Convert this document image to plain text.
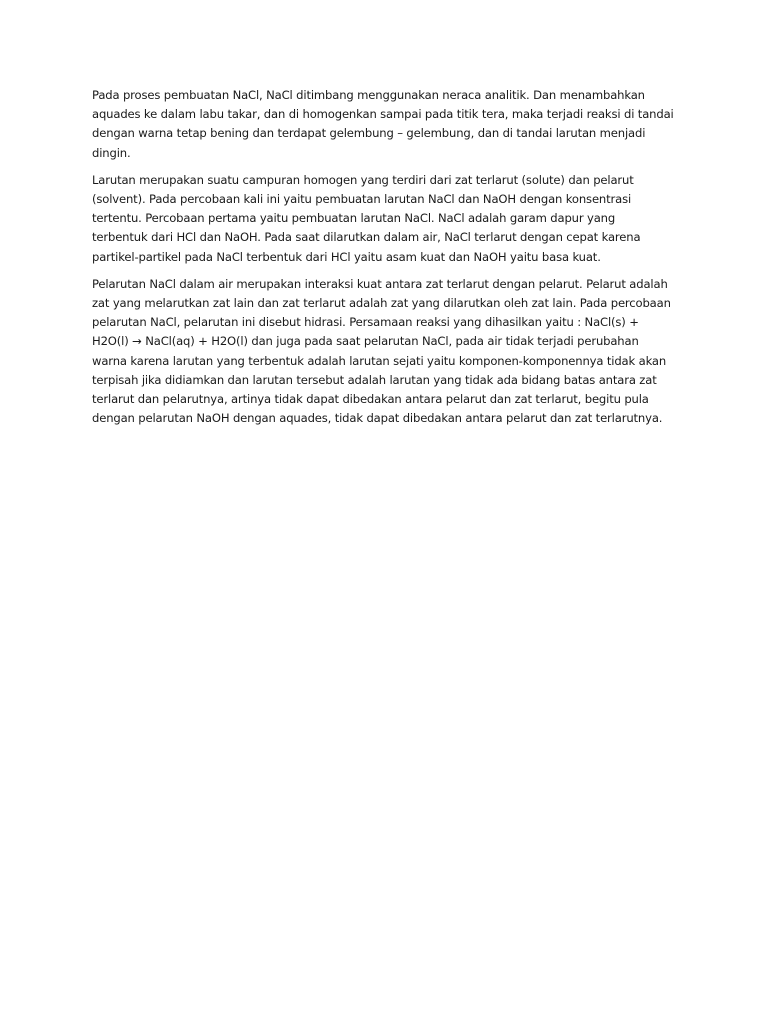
Pada proses pembuatan NaCl, NaCl ditimbang menggunakan neraca analitik. Dan menambahkan aquades ke dalam labu takar, dan di homogenkan sampai pada titik tera, maka terjadi reaksi di tandai dengan warna tetap bening dan terdapat gelembung – gelembung, dan di tandai larutan menjadi dingin.

Larutan merupakan suatu campuran homogen yang terdiri dari zat terlarut (solute) dan pelarut (solvent). Pada percobaan kali ini yaitu pembuatan larutan NaCl dan NaOH dengan konsentrasi tertentu. Percobaan pertama yaitu pembuatan larutan NaCl. NaCl adalah garam dapur yang terbentuk dari HCl dan NaOH. Pada saat dilarutkan dalam air, NaCl terlarut dengan cepat karena partikel-partikel pada NaCl terbentuk dari HCl yaitu asam kuat dan NaOH yaitu basa kuat.

Pelarutan NaCl dalam air merupakan interaksi kuat antara zat terlarut dengan pelarut. Pelarut adalah zat yang melarutkan zat lain dan zat terlarut adalah zat yang dilarutkan oleh zat lain. Pada percobaan pelarutan NaCl, pelarutan ini disebut hidrasi. Persamaan reaksi yang dihasilkan yaitu : NaCl(s) + H2O(l) → NaCl(aq) + H2O(l) dan juga pada saat pelarutan NaCl, pada air tidak terjadi perubahan warna karena larutan yang terbentuk adalah larutan sejati yaitu komponen-komponennya tidak akan terpisah jika didiamkan dan larutan tersebut adalah larutan yang tidak ada bidang batas antara zat terlarut dan pelarutnya, artinya tidak dapat dibedakan antara pelarut dan zat terlarut, begitu pula dengan pelarutan NaOH dengan aquades, tidak dapat dibedakan antara pelarut dan zat terlarutnya.
